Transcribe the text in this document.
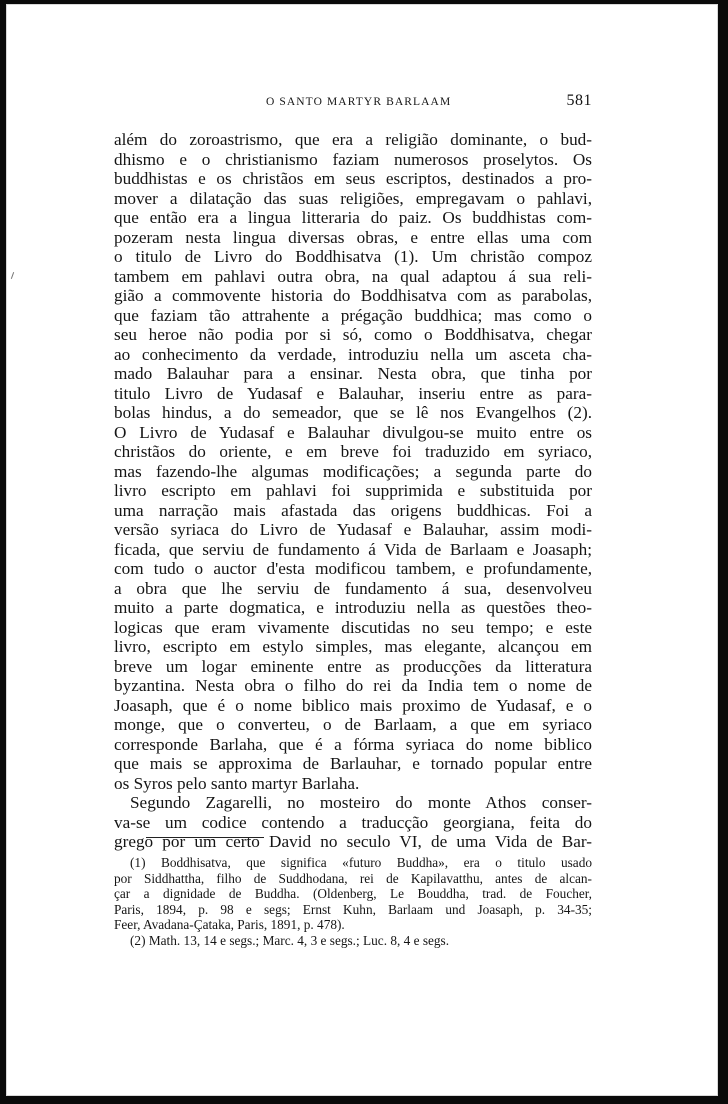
O SANTO MARTYR BARLAAM	581
além do zoroastrismo, que era a religião dominante, o bud-
dhismo e o christianismo faziam numerosos proselytos. Os
buddhistas e os christãos em seus escriptos, destinados a pro-
mover a dilatação das suas religiões, empregavam o pahlavi,
que então era a lingua litteraria do paiz. Os buddhistas com-
pozeram nesta lingua diversas obras, e entre ellas uma com
o titulo de Livro do Boddhisatva (1). Um christão compoz
tambem em pahlavi outra obra, na qual adaptou á sua reli-
gião a commovente historia do Boddhisatva com as parabolas,
que faziam tão attrahente a prégação buddhica; mas como o
seu heroe não podia por si só, como o Boddhisatva, chegar
ao conhecimento da verdade, introduziu nella um asceta cha-
mado Balauhar para a ensinar. Nesta obra, que tinha por
titulo Livro de Yudasaf e Balauhar, inseriu entre as para-
bolas hindus, a do semeador, que se lê nos Evangelhos (2).
O Livro de Yudasaf e Balauhar divulgou-se muito entre os
christãos do oriente, e em breve foi traduzido em syriaco,
mas fazendo-lhe algumas modificações; a segunda parte do
livro escripto em pahlavi foi supprimida e substituida por
uma narração mais afastada das origens buddhicas. Foi a
versão syriaca do Livro de Yudasaf e Balauhar, assim modi-
ficada, que serviu de fundamento á Vida de Barlaam e Joasaph;
com tudo o auctor d'esta modificou tambem, e profundamente,
a obra que lhe serviu de fundamento á sua, desenvolveu
muito a parte dogmatica, e introduziu nella as questões theo-
logicas que eram vivamente discutidas no seu tempo; e este
livro, escripto em estylo simples, mas elegante, alcançou em
breve um logar eminente entre as producções da litteratura
byzantina. Nesta obra o filho do rei da India tem o nome de
Joasaph, que é o nome biblico mais proximo de Yudasaf, e o
monge, que o converteu, o de Barlaam, a que em syriaco
corresponde Barlaha, que é a fórma syriaca do nome biblico
que mais se approxima de Barlauhar, e tornado popular entre
os Syros pelo santo martyr Barlaha.
Segundo Zagarelli, no mosteiro do monte Athos conser-
va-se um codice contendo a traducção georgiana, feita do
grego por um certo David no seculo VI, de uma Vida de Bar-
(1) Boddhisatva, que significa «futuro Buddha», era o titulo usado
por Siddhattha, filho de Suddhodana, rei de Kapilavatthu, antes de alcan-
çar a dignidade de Buddha. (Oldenberg, Le Bouddha, trad. de Foucher,
Paris, 1894, p. 98 e segs; Ernst Kuhn, Barlaam und Joasaph, p. 34-35;
Feer, Avadana-Çataka, Paris, 1891, p. 478).
(2) Math. 13, 14 e segs.; Marc. 4, 3 e segs.; Luc. 8, 4 e segs.
